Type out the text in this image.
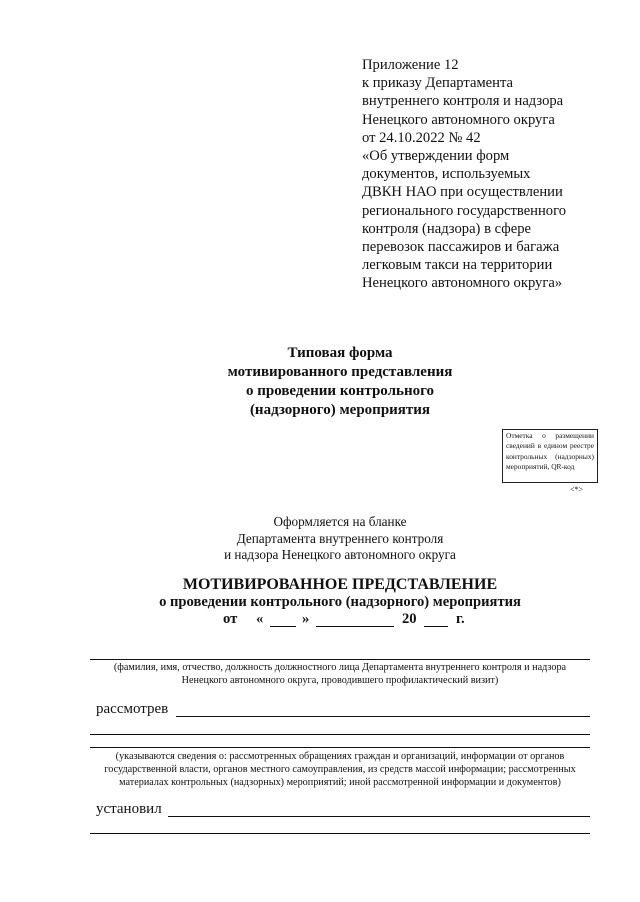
Приложение 12
к приказу Департамента
внутреннего контроля и надзора
Ненецкого автономного округа
от 24.10.2022 № 42
«Об утверждении форм
документов, используемых
ДВКН НАО при осуществлении
регионального государственного
контроля (надзора) в сфере
перевозок пассажиров и багажа
легковым такси на территории
Ненецкого автономного округа»
Типовая форма
мотивированного представления
о проведении контрольного
(надзорного) мероприятия
Отметка о размещении сведений в едином реестре контрольных (надзорных) мероприятий, QR-код
<*>
Оформляется на бланке
Департамента внутреннего контроля
и надзора Ненецкого автономного округа
МОТИВИРОВАННОЕ ПРЕДСТАВЛЕНИЕ
о проведении контрольного (надзорного) мероприятия
от «	»	20	г.
(фамилия, имя, отчество, должность должностного лица Департамента внутреннего контроля и надзора Ненецкого автономного округа, проводившего профилактический визит)
рассмотрев
(указываются сведения о: рассмотренных обращениях граждан и организаций, информации от органов государственной власти, органов местного самоуправления, из средств массой информации; рассмотренных материалах контрольных (надзорных) мероприятий; иной рассмотренной информации и документов)
установил
